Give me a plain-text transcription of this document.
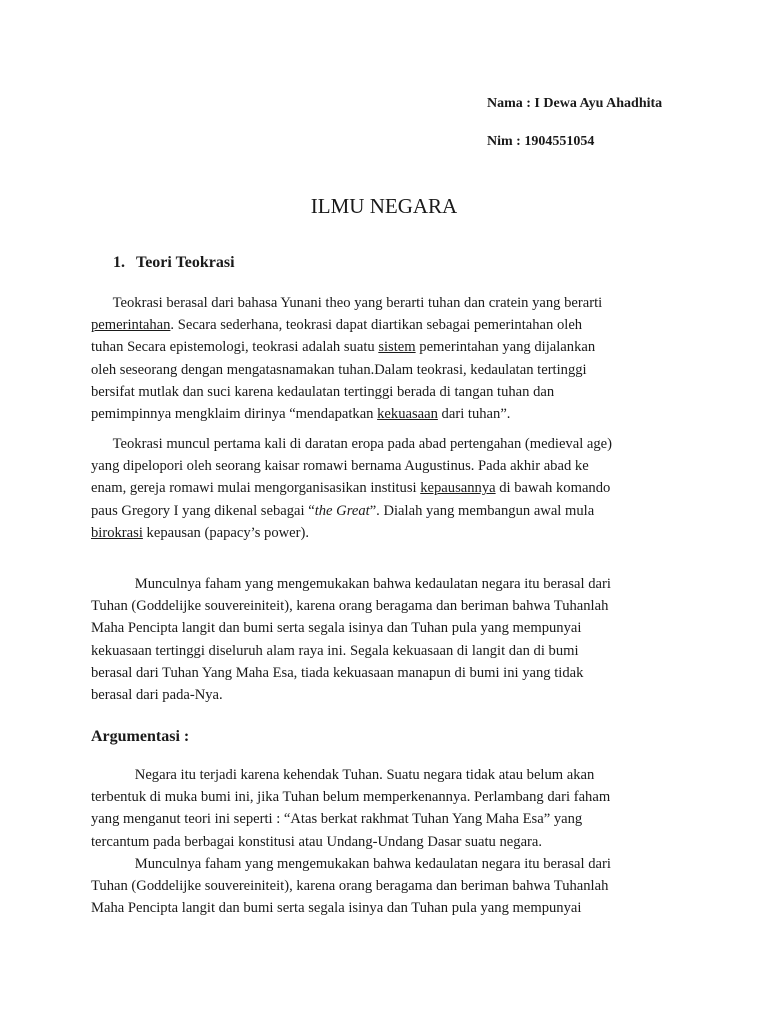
Nama : I Dewa Ayu Ahadhita
Nim : 1904551054
ILMU NEGARA
1. Teori Teokrasi
Teokrasi berasal dari bahasa Yunani theo yang berarti tuhan dan cratein yang berarti
pemerintahan. Secara sederhana, teokrasi dapat diartikan sebagai pemerintahan oleh
tuhan Secara epistemologi, teokrasi adalah suatu sistem pemerintahan yang dijalankan
oleh seseorang dengan mengatasnamakan tuhan.Dalam teokrasi, kedaulatan tertinggi
bersifat mutlak dan suci karena kedaulatan tertinggi berada di tangan tuhan dan
pemimpinnya mengklaim dirinya “mendapatkan kekuasaan dari tuhan”.
Teokrasi muncul pertama kali di daratan eropa pada abad pertengahan (medieval age)
yang dipelopori oleh seorang kaisar romawi bernama Augustinus. Pada akhir abad ke
enam, gereja romawi mulai mengorganisasikan institusi kepausannya di bawah komando
paus Gregory I yang dikenal sebagai “the Great”. Dialah yang membangun awal mula
birokrasi kepausan (papacy’s power).
Munculnya faham yang mengemukakan bahwa kedaulatan negara itu berasal dari
Tuhan (Goddelijke souvereiniteit), karena orang beragama dan beriman bahwa Tuhanlah
Maha Pencipta langit dan bumi serta segala isinya dan Tuhan pula yang mempunyai
kekuasaan tertinggi diseluruh alam raya ini. Segala kekuasaan di langit dan di bumi
berasal dari Tuhan Yang Maha Esa, tiada kekuasaan manapun di bumi ini yang tidak
berasal dari pada-Nya.
Argumentasi :
Negara itu terjadi karena kehendak Tuhan. Suatu negara tidak atau belum akan
terbentuk di muka bumi ini, jika Tuhan belum memperkenannya. Perlambang dari faham
yang menganut teori ini seperti : “Atas berkat rakhmat Tuhan Yang Maha Esa” yang
tercantum pada berbagai konstitusi atau Undang-Undang Dasar suatu negara.
Munculnya faham yang mengemukakan bahwa kedaulatan negara itu berasal dari
Tuhan (Goddelijke souvereiniteit), karena orang beragama dan beriman bahwa Tuhanlah
Maha Pencipta langit dan bumi serta segala isinya dan Tuhan pula yang mempunyai
